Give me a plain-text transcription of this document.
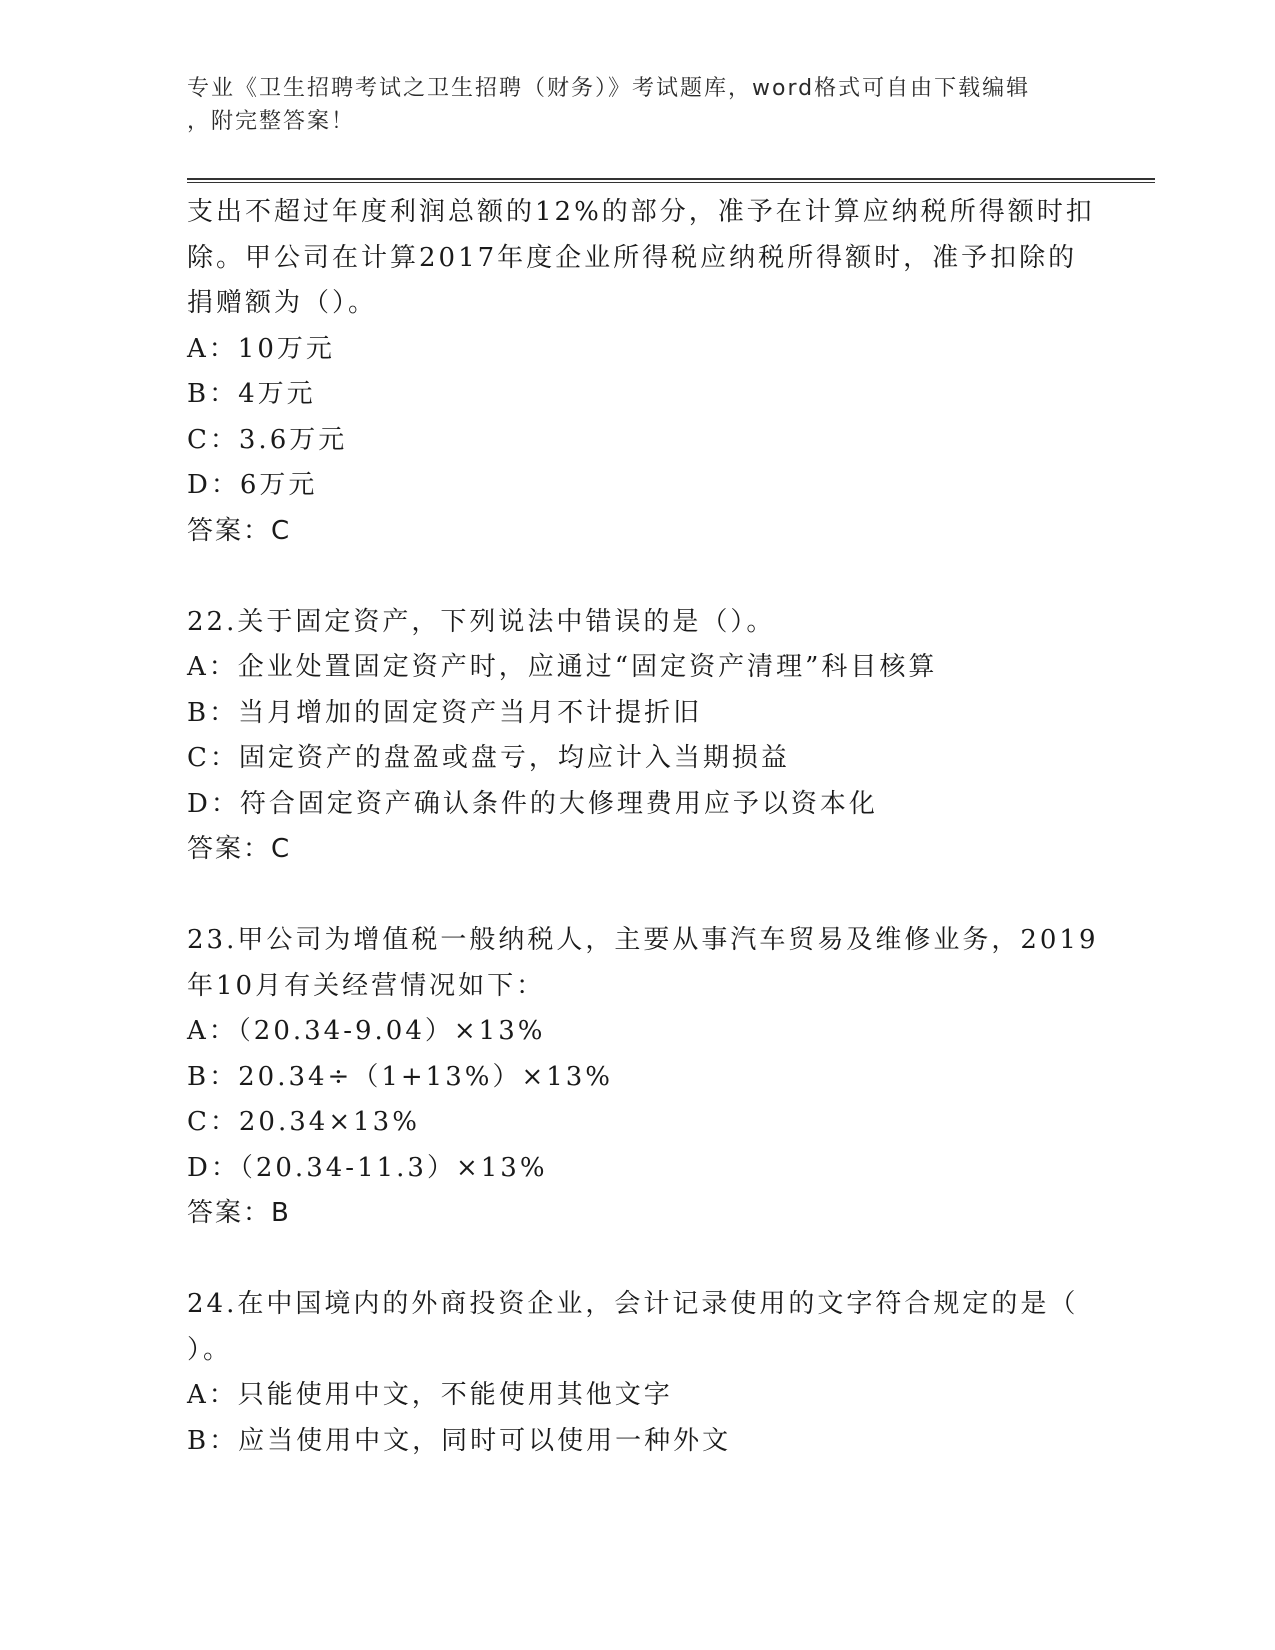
专业《卫生招聘考试之卫生招聘（财务）》考试题库，word格式可自由下载编辑
，附完整答案！
支出不超过年度利润总额的12%的部分，准予在计算应纳税所得额时扣
除。甲公司在计算2017年度企业所得税应纳税所得额时，准予扣除的
捐赠额为（）。
A：10万元
B：4万元
C：3.6万元
D：6万元
答案：C
22.关于固定资产，下列说法中错误的是（）。
A：企业处置固定资产时，应通过“固定资产清理”科目核算
B：当月增加的固定资产当月不计提折旧
C：固定资产的盘盈或盘亏，均应计入当期损益
D：符合固定资产确认条件的大修理费用应予以资本化
答案：C
23.甲公司为增值税一般纳税人，主要从事汽车贸易及维修业务，2019
年10月有关经营情况如下：
A：（20.34-9.04）×13%
B：20.34÷（1+13%）×13%
C：20.34×13%
D：（20.34-11.3）×13%
答案：B
24.在中国境内的外商投资企业，会计记录使用的文字符合规定的是（
）。
A：只能使用中文，不能使用其他文字
B：应当使用中文，同时可以使用一种外文
